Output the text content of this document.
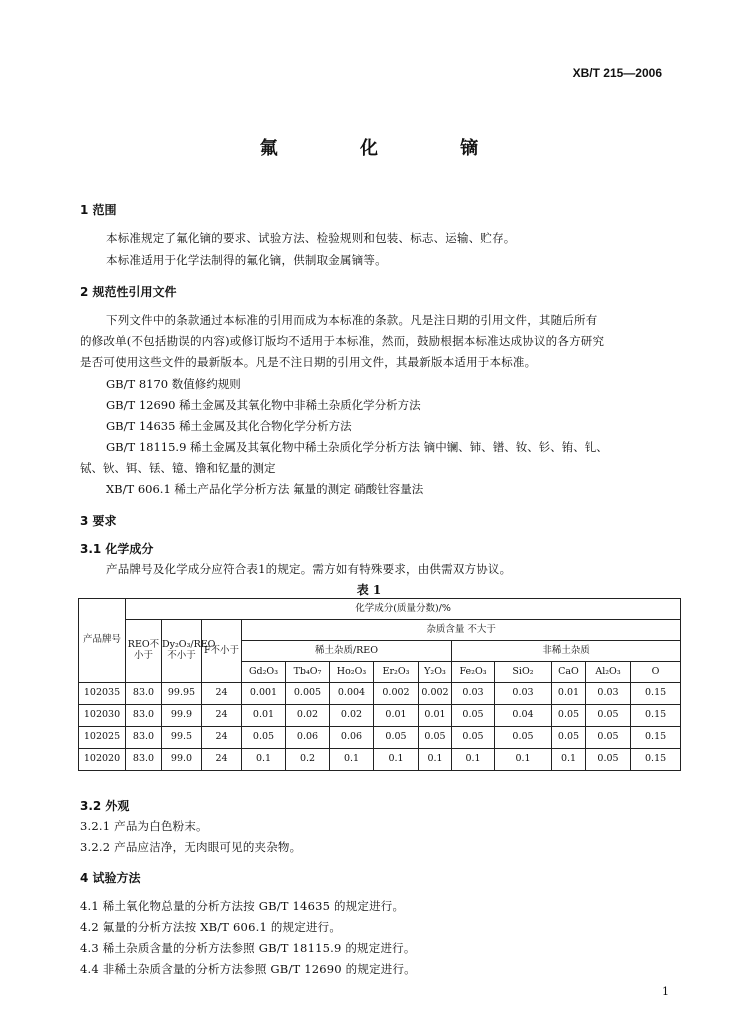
XB/T 215—2006
氟 化 镝
1 范围
本标准规定了氟化镝的要求、试验方法、检验规则和包装、标志、运输、贮存。
本标准适用于化学法制得的氟化镝，供制取金属镝等。
2 规范性引用文件
下列文件中的条款通过本标准的引用而成为本标准的条款。凡是注日期的引用文件，其随后所有
的修改单(不包括勘误的内容)或修订版均不适用于本标准，然而，鼓励根据本标准达成协议的各方研究
是否可使用这些文件的最新版本。凡是不注日期的引用文件，其最新版本适用于本标准。
GB/T 8170 数值修约规则
GB/T 12690 稀土金属及其氧化物中非稀土杂质化学分析方法
GB/T 14635 稀土金属及其化合物化学分析方法
GB/T 18115.9 稀土金属及其氧化物中稀土杂质化学分析方法 镝中镧、铈、镨、钕、钐、铕、钆、
铽、钬、铒、铥、镱、镥和钇量的测定
XB/T 606.1 稀土产品化学分析方法 氟量的测定 硝酸钍容量法
3 要求
3.1 化学成分
产品牌号及化学成分应符合表1的规定。需方如有特殊要求，由供需双方协议。
表 1
产品牌号	化学成分(质量分数)/%												
	REO不小于	Dy₂O₃/REO不小于	F不小于	杂质含量 不大于									
				稀土杂质/REO					非稀土杂质				
				Gd₂O₃	Tb₄O₇	Ho₂O₃	Er₂O₃	Y₂O₃	Fe₂O₃	SiO₂	CaO	Al₂O₃	O
102035	83.0	99.95	24	0.001	0.005	0.004	0.002	0.002	0.03	0.03	0.01	0.03	0.15
102030	83.0	99.9	24	0.01	0.02	0.02	0.01	0.01	0.05	0.04	0.05	0.05	0.15
102025	83.0	99.5	24	0.05	0.06	0.06	0.05	0.05	0.05	0.05	0.05	0.05	0.15
102020	83.0	99.0	24	0.1	0.2	0.1	0.1	0.1	0.1	0.1	0.1	0.05	0.15
3.2 外观
3.2.1 产品为白色粉末。
3.2.2 产品应洁净，无肉眼可见的夹杂物。
4 试验方法
4.1 稀土氧化物总量的分析方法按 GB/T 14635 的规定进行。
4.2 氟量的分析方法按 XB/T 606.1 的规定进行。
4.3 稀土杂质含量的分析方法参照 GB/T 18115.9 的规定进行。
4.4 非稀土杂质含量的分析方法参照 GB/T 12690 的规定进行。
1
